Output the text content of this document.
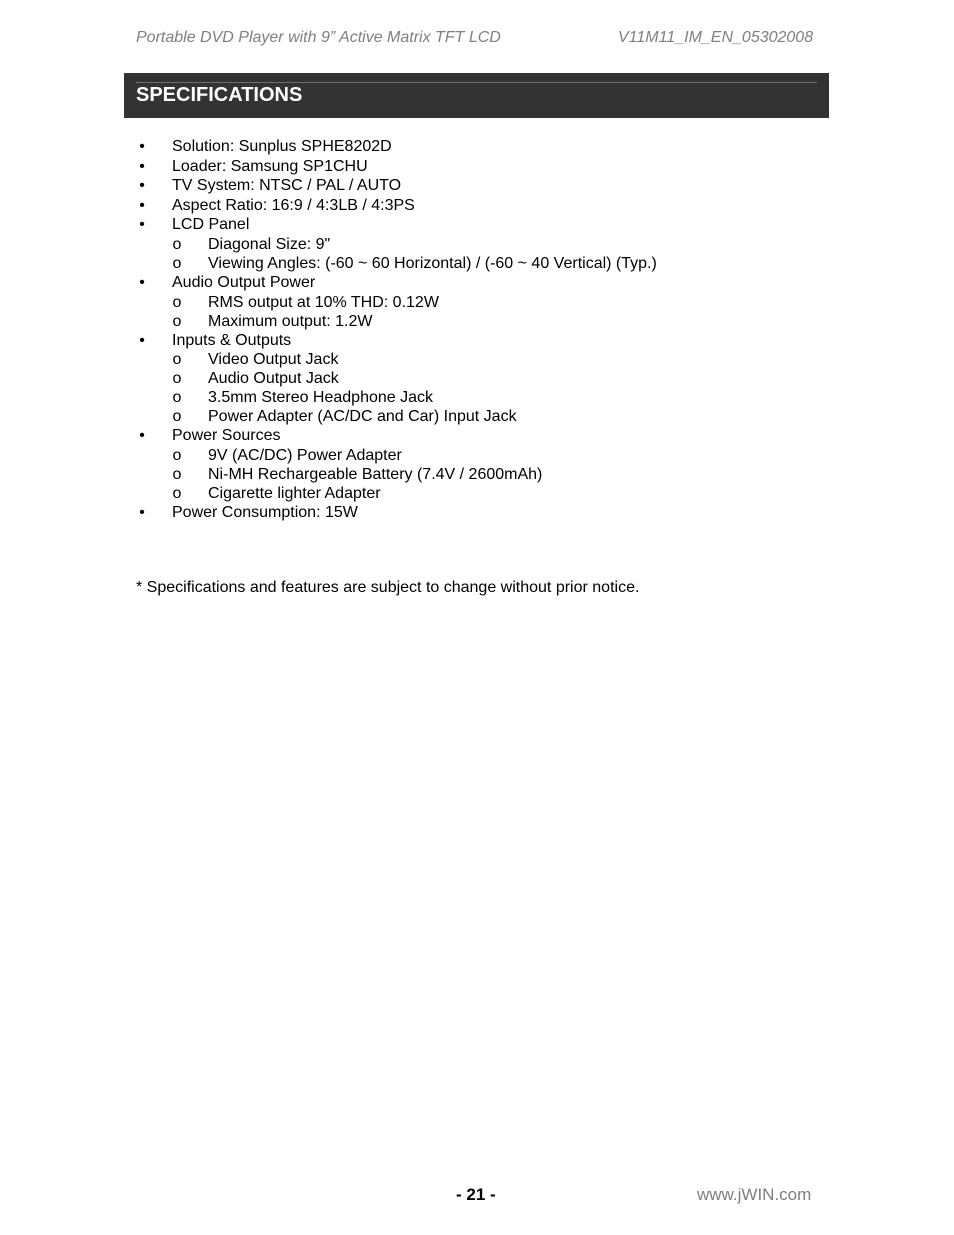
Portable DVD Player with 9” Active Matrix TFT LCD	V11M11_IM_EN_05302008
SPECIFICATIONS
• Solution: Sunplus SPHE8202D
• Loader: Samsung SP1CHU
• TV System: NTSC / PAL / AUTO
• Aspect Ratio: 16:9 / 4:3LB / 4:3PS
• LCD Panel
o Diagonal Size: 9"
o Viewing Angles: (-60 ~ 60 Horizontal) / (-60 ~ 40 Vertical) (Typ.)
• Audio Output Power
o RMS output at 10% THD: 0.12W
o Maximum output: 1.2W
• Inputs & Outputs
o Video Output Jack
o Audio Output Jack
o 3.5mm Stereo Headphone Jack
o Power Adapter (AC/DC and Car) Input Jack
• Power Sources
o 9V (AC/DC) Power Adapter
o Ni-MH Rechargeable Battery (7.4V / 2600mAh)
o Cigarette lighter Adapter
• Power Consumption: 15W
* Specifications and features are subject to change without prior notice.
- 21 -	www.jWIN.com
